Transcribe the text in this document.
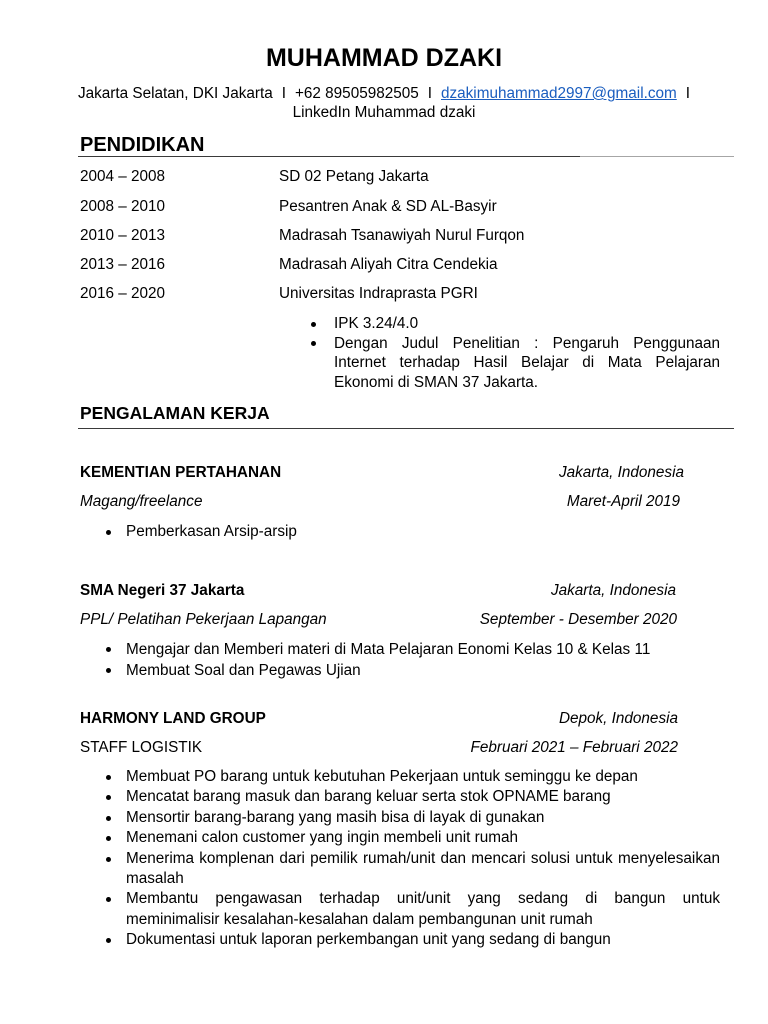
MUHAMMAD DZAKI
Jakarta Selatan, DKI Jakarta I +62 89505982505 I dzakimuhammad2997@gmail.com I
LinkedIn Muhammad dzaki
PENDIDIKAN
2004 – 2008	SD 02 Petang Jakarta
2008 – 2010	Pesantren Anak & SD AL-Basyir
2010 – 2013	Madrasah Tsanawiyah Nurul Furqon
2013 – 2016	Madrasah Aliyah Citra Cendekia
2016 – 2020	Universitas Indraprasta PGRI
IPK 3.24/4.0
Dengan Judul Penelitian : Pengaruh Penggunaan
Internet terhadap Hasil Belajar di Mata Pelajaran
Ekonomi di SMAN 37 Jakarta.
PENGALAMAN KERJA
KEMENTIAN PERTAHANAN	Jakarta, Indonesia
Magang/freelance	Maret-April 2019
Pemberkasan Arsip-arsip
SMA Negeri 37 Jakarta	Jakarta, Indonesia
PPL/ Pelatihan Pekerjaan Lapangan	September - Desember 2020
Mengajar dan Memberi materi di Mata Pelajaran Eonomi Kelas 10 & Kelas 11
Membuat Soal dan Pegawas Ujian
HARMONY LAND GROUP	Depok, Indonesia
STAFF LOGISTIK	Februari 2021 – Februari 2022
Membuat PO barang untuk kebutuhan Pekerjaan untuk seminggu ke depan
Mencatat barang masuk dan barang keluar serta stok OPNAME barang
Mensortir barang-barang yang masih bisa di layak di gunakan
Menemani calon customer yang ingin membeli unit rumah
Menerima komplenan dari pemilik rumah/unit dan mencari solusi untuk menyelesaikan
masalah
Membantu pengawasan terhadap unit/unit yang sedang di bangun untuk
meminimalisir kesalahan-kesalahan dalam pembangunan unit rumah
Dokumentasi untuk laporan perkembangan unit yang sedang di bangun
